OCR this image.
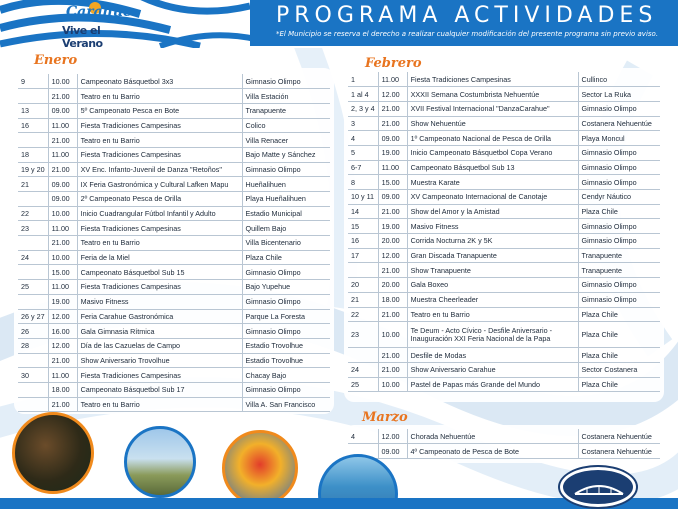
PROGRAMA ACTIVIDADES
*El Municipio se reserva el derecho a realizar cualquier modificación del presente programa sin previo aviso.
Carahue
Vive el Verano
9	10.00	Campeonato Básquetbol 3x3	Gimnasio Olimpo
	21.00	Teatro en tu Barrio	Villa Estación
13	09.00	5º Campeonato Pesca en Bote	Tranapuente
16	11.00	Fiesta Tradiciones Campesinas	Colico
	21.00	Teatro en tu Barrio	Villa Renacer
18	11.00	Fiesta Tradiciones Campesinas	Bajo Matte y Sánchez
19 y 20	21.00	XV Enc. Infanto-Juvenil de Danza "Retoños"	Gimnasio Olimpo
21	09.00	IX Feria Gastronómica y Cultural Lafken Mapu	Hueñalihuen
	09.00	2º Campeonato Pesca de Orilla	Playa Hueñalihuen
22	10.00	Inicio Cuadrangular Fútbol Infantil y Adulto	Estadio Municipal
23	11.00	Fiesta Tradiciones Campesinas	Quillem Bajo
	21.00	Teatro en tu Barrio	Villa Bicentenario
24	10.00	Feria de la Miel	Plaza Chile
	15.00	Campeonato Básquetbol Sub 15	Gimnasio Olimpo
25	11.00	Fiesta Tradiciones Campesinas	Bajo Yupehue
	19.00	Masivo Fitness	Gimnasio Olimpo
26 y 27	12.00	Feria Carahue Gastronómica	Parque La Foresta
26	16.00	Gala Gimnasia Rítmica	Gimnasio Olimpo
28	12.00	Día de las Cazuelas de Campo	Estadio Trovolhue
	21.00	Show Aniversario Trovolhue	Estadio Trovolhue
30	11.00	Fiesta Tradiciones Campesinas	Chacay Bajo
	18.00	Campeonato Básquetbol Sub 17	Gimnasio Olimpo
	21.00	Teatro en tu Barrio	Villa A. San Francisco
Enero
1	11.00	Fiesta Tradiciones Campesinas	Cullinco
1 al 4	12.00	XXXII Semana Costumbrista Nehuentúe	Sector La Ruka
2, 3 y 4	21.00	XVII Festival Internacional "DanzaCarahue"	Gimnasio Olimpo
3	21.00	Show Nehuentúe	Costanera Nehuentúe
4	09.00	1º Campeonato Nacional de Pesca de Orilla	Playa Moncul
5	19.00	Inicio Campeonato Básquetbol Copa Verano	Gimnasio Olimpo
6-7	11.00	Campeonato Básquetbol Sub 13	Gimnasio Olimpo
8	15.00	Muestra Karate	Gimnasio Olimpo
10 y 11	09.00	XV Campeonato Internacional de Canotaje	Cendyr Náutico
14	21.00	Show del Amor y la Amistad	Plaza Chile
15	19.00	Masivo Fitness	Gimnasio Olimpo
16	20.00	Corrida Nocturna 2K y 5K	Gimnasio Olimpo
17	12.00	Gran Discada Tranapuente	Tranapuente
	21.00	Show Tranapuente	Tranapuente
20	20.00	Gala Boxeo	Gimnasio Olimpo
21	18.00	Muestra Cheerleader	Gimnasio Olimpo
22	21.00	Teatro en tu Barrio	Plaza Chile
23	10.00	Te Deum - Acto Cívico - Desfile Aniversario - Inauguración XXI Feria Nacional de la Papa	Plaza Chile
	21.00	Desfile de Modas	Plaza Chile
24	21.00	Show Aniversario Carahue	Sector Costanera
25	10.00	Pastel de Papas más Grande del Mundo	Plaza Chile
Febrero
4	12.00	Chorada Nehuentúe	Costanera Nehuentúe
	09.00	4º Campeonato de Pesca de Bote	Costanera Nehuentúe
Marzo
